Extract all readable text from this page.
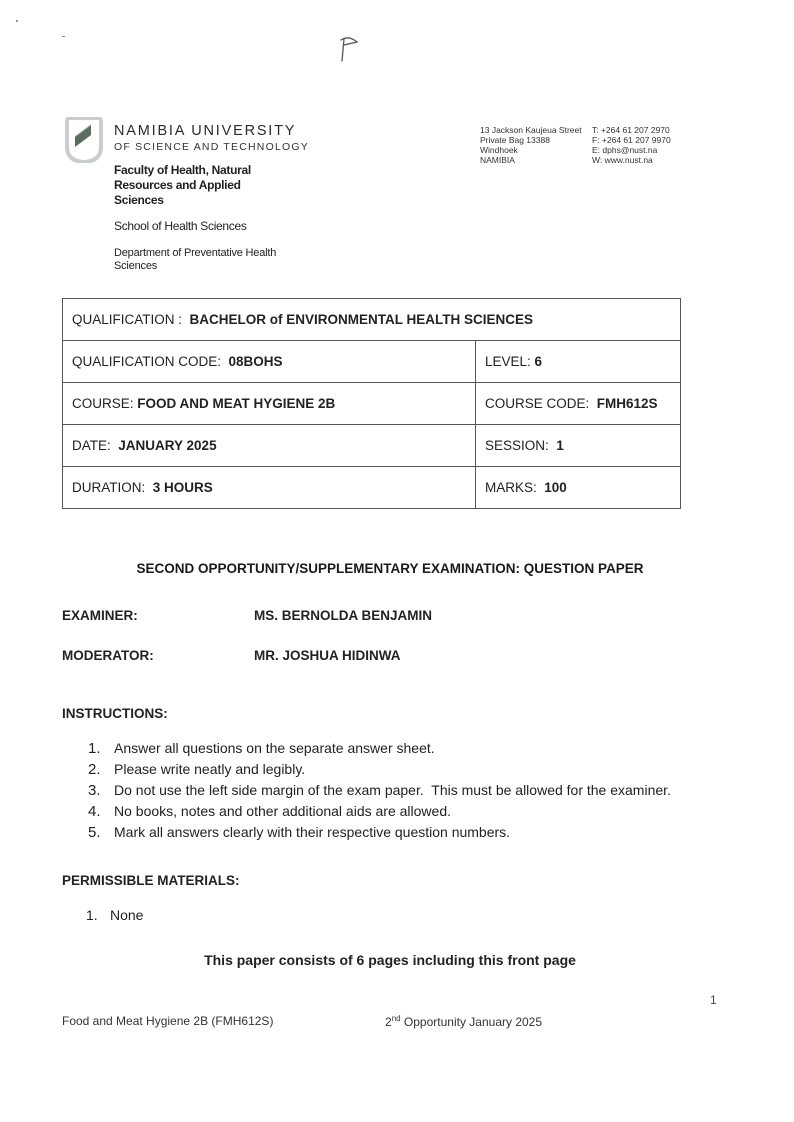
NAMIBIA UNIVERSITY
OF SCIENCE AND TECHNOLOGY
Faculty of Health, Natural Resources and Applied Sciences
School of Health Sciences
Department of Preventative Health Sciences
13 Jackson Kaujeua Street
Private Bag 13388
Windhoek
NAMIBIA
T: +264 61 207 2970
F: +264 61 207 9970
E: dphs@nust.na
W: www.nust.na
QUALIFICATION : BACHELOR of ENVIRONMENTAL HEALTH SCIENCES	
QUALIFICATION CODE: 08BOHS	LEVEL: 6
COURSE: FOOD AND MEAT HYGIENE 2B	COURSE CODE: FMH612S
DATE: JANUARY 2025	SESSION: 1
DURATION: 3 HOURS	MARKS: 100
SECOND OPPORTUNITY/SUPPLEMENTARY EXAMINATION: QUESTION PAPER
EXAMINER:	MS. BERNOLDA BENJAMIN
MODERATOR:	MR. JOSHUA HIDINWA
INSTRUCTIONS:
1. Answer all questions on the separate answer sheet.
2. Please write neatly and legibly.
3. Do not use the left side margin of the exam paper.  This must be allowed for the examiner.
4. No books, notes and other additional aids are allowed.
5. Mark all answers clearly with their respective question numbers.
PERMISSIBLE MATERIALS:
1. None
This paper consists of 6 pages including this front page
1
Food and Meat Hygiene 2B (FMH612S)	2nd Opportunity January 2025
